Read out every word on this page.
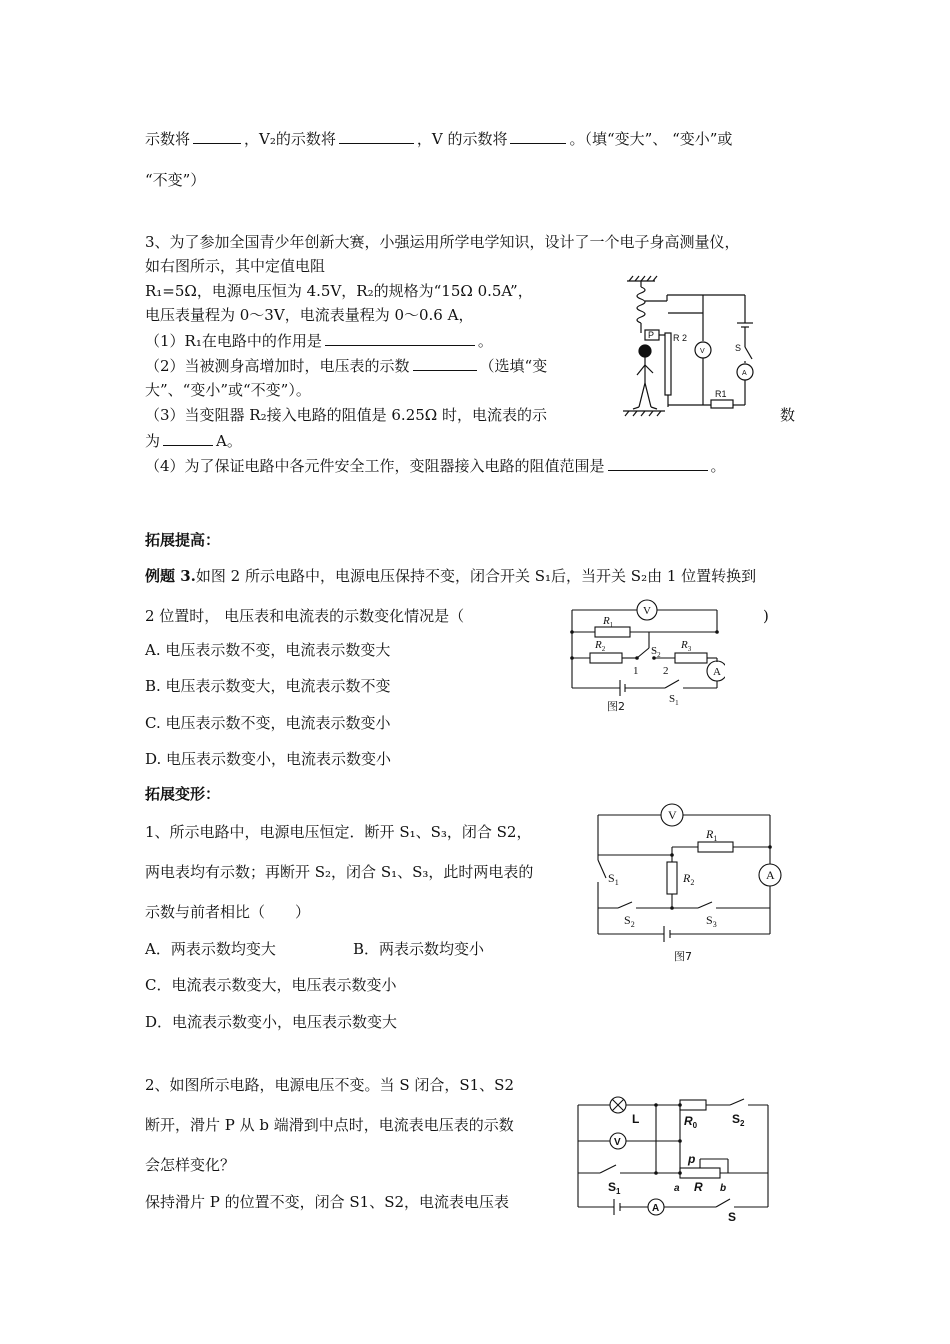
示数将	，V₂的示数将	，V 的示数将	。（填“变大”、 “变小”或
“不变”）
3、为了参加全国青少年创新大赛，小强运用所学电学知识，设计了一个电子身高测量仪，
如右图所示，其中定值电阻
R₁=5Ω，电源电压恒为 4.5V，R₂的规格为“15Ω 0.5A”，
电压表量程为 0～3V，电流表量程为 0～0.6 A，
（1）R₁在电路中的作用是	。
（2）当被测身高增加时，电压表的示数	（选填“变
大”、“变小”或“不变”）。
（3）当变阻器 R₂接入电路的阻值是 6.25Ω 时，电流表的示	数
为	A。
（4）为了保证电路中各元件安全工作，变阻器接入电路的阻值范围是	。
P R 2
V	S
A
R1
拓展提高：
例题 3.如图 2 所示电路中，电源电压保持不变，闭合开关 S₁后，当开关 S₂由 1 位置转换到
2 位置时， 电压表和电流表的示数变化情况是（	)
A. 电压表示数不变，电流表示数变大
B. 电压表示数变大，电流表示数不变
C. 电压表示数不变，电流表示数变小
D. 电压表示数变小，电流表示数变小
$R_1$
V
$R_2$	$S_2$
$R_3$
1 2	A
$S_1$
图2
拓展变形：
1、所示电路中，电源电压恒定．断开 S₁、S₃，闭合 S2，
两电表均有示数；再断开 S₂，闭合 S₁、S₃，此时两电表的
示数与前者相比（　　）
A．两表示数均变大	B．两表示数均变小
C．电流表示数变大，电压表示数变小
D．电流表示数变小，电压表示数变大
V
$R_1$
$S_1$	$R_2$
A
$S_2$	$S_3$
图7
2、如图所示电路，电源电压不变。当 S 闭合，S1、S2
断开，滑片 P 从 b 端滑到中点时，电流表电压表的示数
会怎样变化？
保持滑片 P 的位置不变，闭合 S1、S2，电流表电压表
L	$R_0$	$S_2$
V
p
$S_1$	a R b
A
S
